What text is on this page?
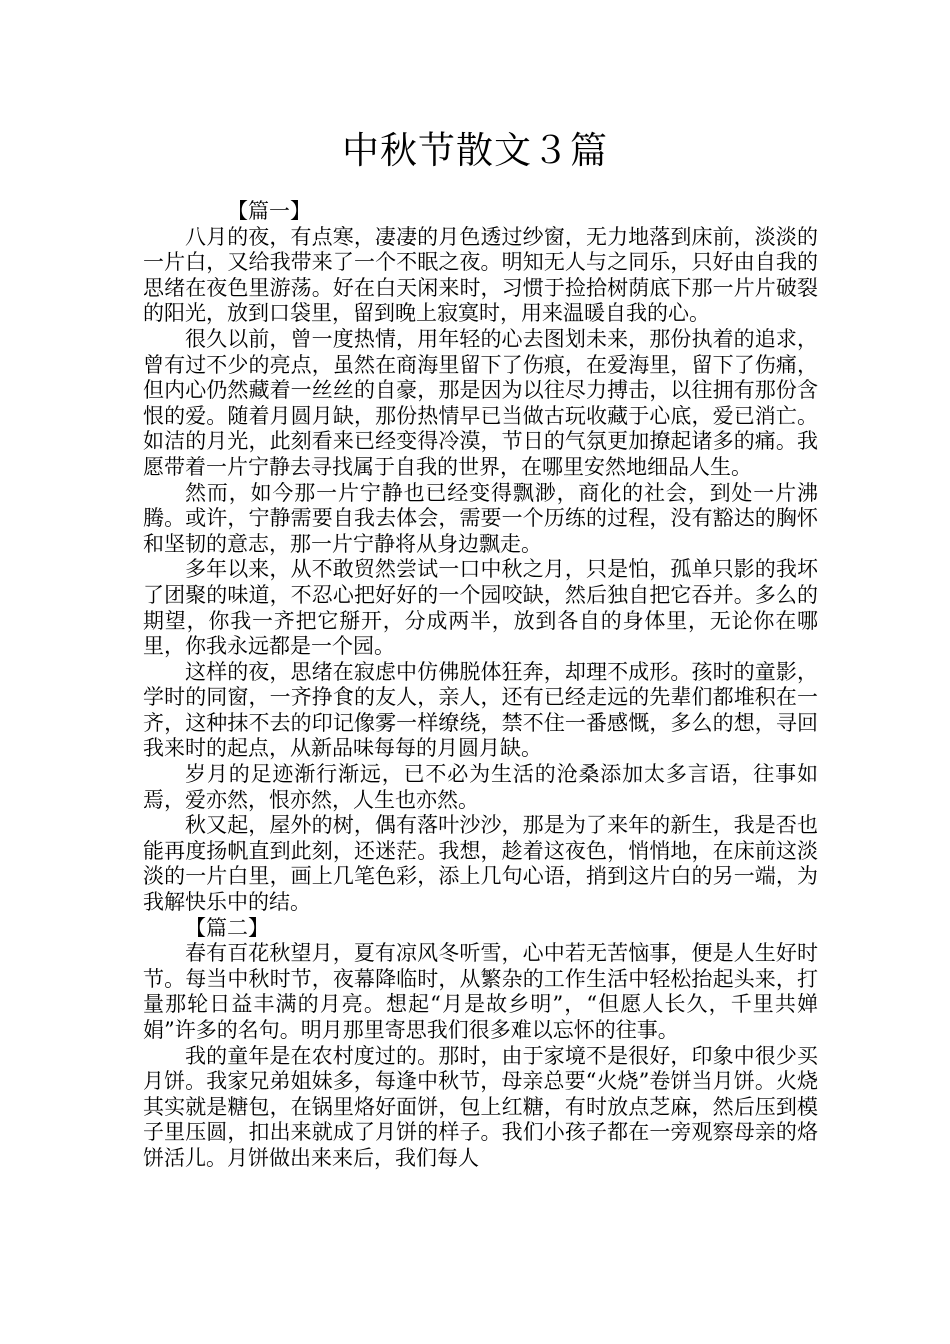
中秋节散文３篇

【篇一】

八月的夜，有点寒，凄凄的月色透过纱窗，无力地落到床前，淡淡的一片白，又给我带来了一个不眠之夜。明知无人与之同乐，只好由自我的思绪在夜色里游荡。好在白天闲来时，习惯于捡拾树荫底下那一片片破裂的阳光，放到口袋里，留到晚上寂寞时，用来温暖自我的心。

很久以前，曾一度热情，用年轻的心去图划未来，那份执着的追求，曾有过不少的亮点，虽然在商海里留下了伤痕，在爱海里，留下了伤痛，但内心仍然藏着一丝丝的自豪，那是因为以往尽力搏击，以往拥有那份含恨的爱。随着月圆月缺，那份热情早已当做古玩收藏于心底，爱已消亡。如洁的月光，此刻看来已经变得冷漠，节日的气氛更加撩起诸多的痛。我愿带着一片宁静去寻找属于自我的世界，在哪里安然地细品人生。

然而，如今那一片宁静也已经变得飘渺，商化的社会，到处一片沸腾。或许，宁静需要自我去体会，需要一个历练的过程，没有豁达的胸怀和坚韧的意志，那一片宁静将从身边飘走。

多年以来，从不敢贸然尝试一口中秋之月，只是怕，孤单只影的我坏了团聚的味道，不忍心把好好的一个园咬缺，然后独自把它吞并。多么的期望，你我一齐把它掰开，分成两半，放到各自的身体里，无论你在哪里，你我永远都是一个园。

这样的夜，思绪在寂虑中仿佛脱体狂奔，却理不成形。孩时的童影，学时的同窗，一齐挣食的友人，亲人，还有已经走远的先辈们都堆积在一齐，这种抹不去的印记像雾一样缭绕，禁不住一番感慨，多么的想，寻回我来时的起点，从新品味每每的月圆月缺。

岁月的足迹渐行渐远，已不必为生活的沧桑添加太多言语，往事如焉，爱亦然，恨亦然，人生也亦然。

秋又起，屋外的树，偶有落叶沙沙，那是为了来年的新生，我是否也能再度扬帆直到此刻，还迷茫。我想，趁着这夜色，悄悄地，在床前这淡淡的一片白里，画上几笔色彩，添上几句心语，捎到这片白的另一端，为我解快乐中的结。

【篇二】

春有百花秋望月，夏有凉风冬听雪，心中若无苦恼事，便是人生好时节。每当中秋时节，夜幕降临时，从繁杂的工作生活中轻松抬起头来，打量那轮日益丰满的月亮。想起“月是故乡明”，“但愿人长久，千里共婵娟”许多的名句。明月那里寄思我们很多难以忘怀的往事。

我的童年是在农村度过的。那时，由于家境不是很好，印象中很少买月饼。我家兄弟姐妹多，每逢中秋节，母亲总要“火烧”卷饼当月饼。火烧其实就是糖包，在锅里烙好面饼，包上红糖，有时放点芝麻，然后压到模子里压圆，扣出来就成了月饼的样子。我们小孩子都在一旁观察母亲的烙饼活儿。月饼做出来来后，我们每人
